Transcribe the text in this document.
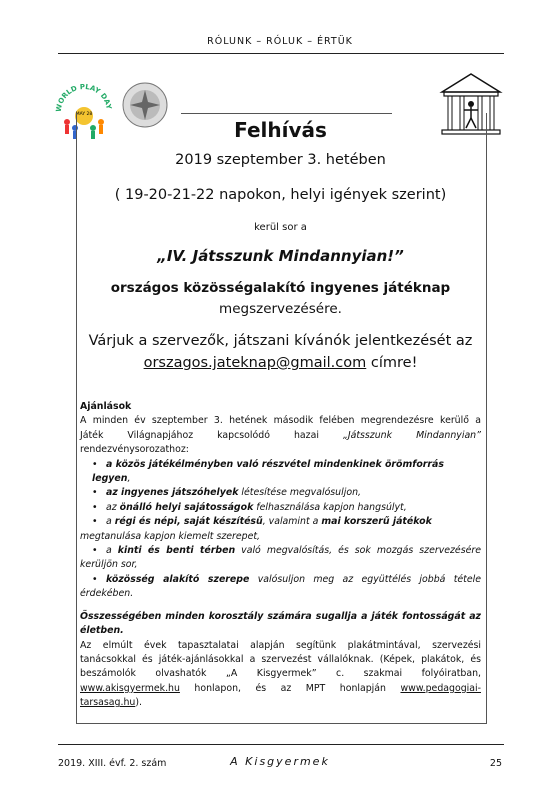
RÓLUNK – RÓLUK – ÉRTÜK
WORLD PLAY DAY
MAY 28
Felhívás
2019 szeptember 3. hetében
( 19-20-21-22 napokon, helyi igények szerint)
kerül sor a
„IV. Játsszunk Mindannyian!”
országos közösségalakító ingyenes játéknap
megszervezésére.
Várjuk a szervezők, játszani kívánók jelentkezését az
orszagos.jateknap@gmail.com címre!

Ajánlások

A minden év szeptember 3. hetének második felében megrendezésre kerülő a

Játék Világnapjához kapcsolódó hazai „Játsszunk Mindannyian”

rendezvénysorozathoz:

• a közös játékélményben való részvétel mindenkinek örömforrás legyen,

• az ingyenes játszóhelyek létesítése megvalósuljon,

• az önálló helyi sajátosságok felhasználása kapjon hangsúlyt,

• a régi és népi, saját készítésű, valamint a mai korszerű játékok

megtanulása kapjon kiemelt szerepet,

• a kinti és benti térben való megvalósítás, és sok mozgás szervezésére

kerüljön sor,

• közösség alakító szerepe valósuljon meg az együttélés jobbá tétele

érdekében.

Összességében minden korosztály számára sugallja a játék fontosságát az

életben.

Az elmúlt évek tapasztalatai alapján segítünk plakátmintával, szervezési

tanácsokkal és játék-ajánlásokkal a szervezést vállalóknak. (Képek, plakátok, és

beszámolók olvashatók „A Kisgyermek” c. szakmai folyóiratban,

www.akisgyermek.hu honlapon, és az MPT honlapján www.pedagogiai-

tarsasag.hu).

2019. XIII. évf. 2. szám	A Kisgyermek	25
